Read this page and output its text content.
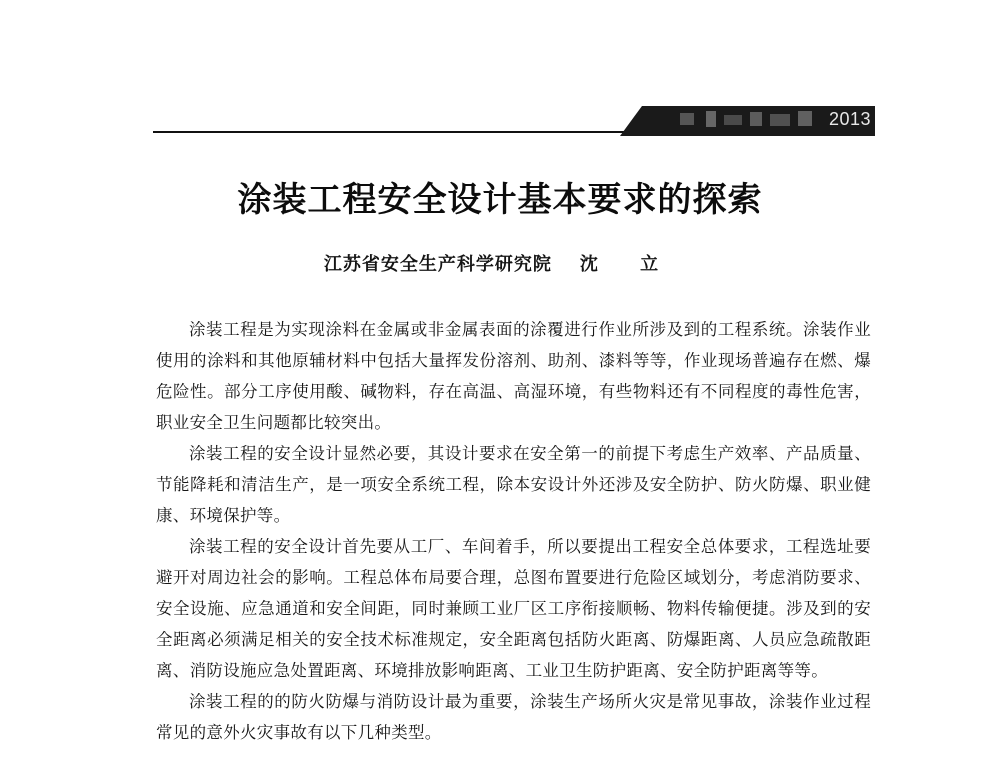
2013
涂装工程安全设计基本要求的探索
江苏省安全生产科学研究院 沈 立

涂装工程是为实现涂料在金属或非金属表面的涂覆进行作业所涉及到的工程系统。涂装作业使用的涂料和其他原辅材料中包括大量挥发份溶剂、助剂、漆料等等，作业现场普遍存在燃、爆危险性。部分工序使用酸、碱物料，存在高温、高湿环境，有些物料还有不同程度的毒性危害，职业安全卫生问题都比较突出。

涂装工程的安全设计显然必要，其设计要求在安全第一的前提下考虑生产效率、产品质量、节能降耗和清洁生产，是一项安全系统工程，除本安设计外还涉及安全防护、防火防爆、职业健康、环境保护等。

涂装工程的安全设计首先要从工厂、车间着手，所以要提出工程安全总体要求，工程选址要避开对周边社会的影响。工程总体布局要合理，总图布置要进行危险区域划分，考虑消防要求、安全设施、应急通道和安全间距，同时兼顾工业厂区工序衔接顺畅、物料传输便捷。涉及到的安全距离必须满足相关的安全技术标准规定，安全距离包括防火距离、防爆距离、人员应急疏散距离、消防设施应急处置距离、环境排放影响距离、工业卫生防护距离、安全防护距离等等。

涂装工程的的防火防爆与消防设计最为重要，涂装生产场所火灾是常见事故，涂装作业过程常见的意外火灾事故有以下几种类型。
